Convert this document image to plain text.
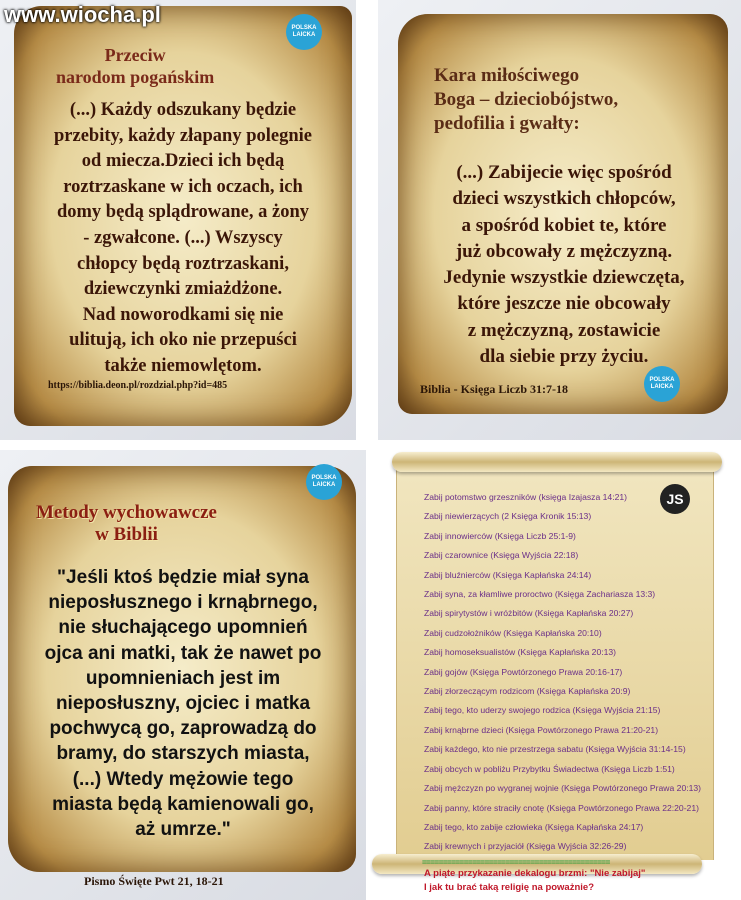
Przeciw
narodom pogańskim
(...) Każdy odszukany będzie
przebity, każdy złapany polegnie
od miecza.Dzieci ich będą
roztrzaskane w ich oczach, ich
domy będą splądrowane, a żony
- zgwałcone. (...) Wszyscy
chłopcy będą roztrzaskani,
dziewczynki zmiażdżone.
Nad noworodkami się nie
ulitują, ich oko nie przepuści
także niemowlętom.
https://biblia.deon.pl/rozdzial.php?id=485
POLSKA LAICKA
www.wiocha.pl
Kara miłościwego
Boga – dzieciobójstwo,
pedofilia i gwałty:
(...) Zabijecie więc spośród
dzieci wszystkich chłopców,
a spośród kobiet te, które
już obcowały z mężczyzną.
Jedynie wszystkie dziewczęta,
które jeszcze nie obcowały
z mężczyzną, zostawicie
dla siebie przy życiu.
Biblia - Księga Liczb 31:7-18
POLSKA LAICKA
Metody wychowawcze
w Biblii
"Jeśli ktoś będzie miał syna
nieposłusznego i krnąbrnego,
nie słuchającego upomnień
ojca ani matki, tak że nawet po
upomnieniach jest im
nieposłuszny, ojciec i matka
pochwycą go, zaprowadzą do
bramy, do starszych miasta,
(...) Wtedy mężowie tego
miasta będą kamienowali go,
aż umrze."
Pismo Święte Pwt 21, 18-21
POLSKA LAICKA
JS
Zabij potomstwo grzeszników (księga Izajasza 14:21)
Zabij niewierzących (2 Księga Kronik 15:13)
Zabij innowierców (Księga Liczb 25:1-9)
Zabij czarownice (Księga Wyjścia 22:18)
Zabij bluźnierców (Księga Kapłańska 24:14)
Zabij syna, za kłamliwe proroctwo (Księga Zachariasza 13:3)
Zabij spirytystów i wróżbitów (Księga Kapłańska 20:27)
Zabij cudzołożników (Księga Kapłańska 20:10)
Zabij homoseksualistów (Księga Kapłańska 20:13)
Zabij gojów (Księga Powtórzonego Prawa 20:16-17)
Zabij złorzeczącym rodzicom (Księga Kapłańska 20:9)
Zabij tego, kto uderzy swojego rodzica (Księga Wyjścia 21:15)
Zabij krnąbrne dzieci (Księga Powtórzonego Prawa 21:20-21)
Zabij każdego, kto nie przestrzega sabatu (Księga Wyjścia 31:14-15)
Zabij obcych w pobliżu Przybytku Świadectwa (Księga Liczb 1:51)
Zabij mężczyzn po wygranej wojnie (Księga Powtórzonego Prawa 20:13)
Zabij panny, które straciły cnotę (Księga Powtórzonego Prawa 22:20-21)
Zabij tego, kto zabije człowieka (Księga Kapłańska 24:17)
Zabij krewnych i przyjaciół (Księga Wyjścia 32:26-29)
=============================================
A piąte przykazanie dekalogu brzmi: "Nie zabijaj"
I jak tu brać taką religię na poważnie?
